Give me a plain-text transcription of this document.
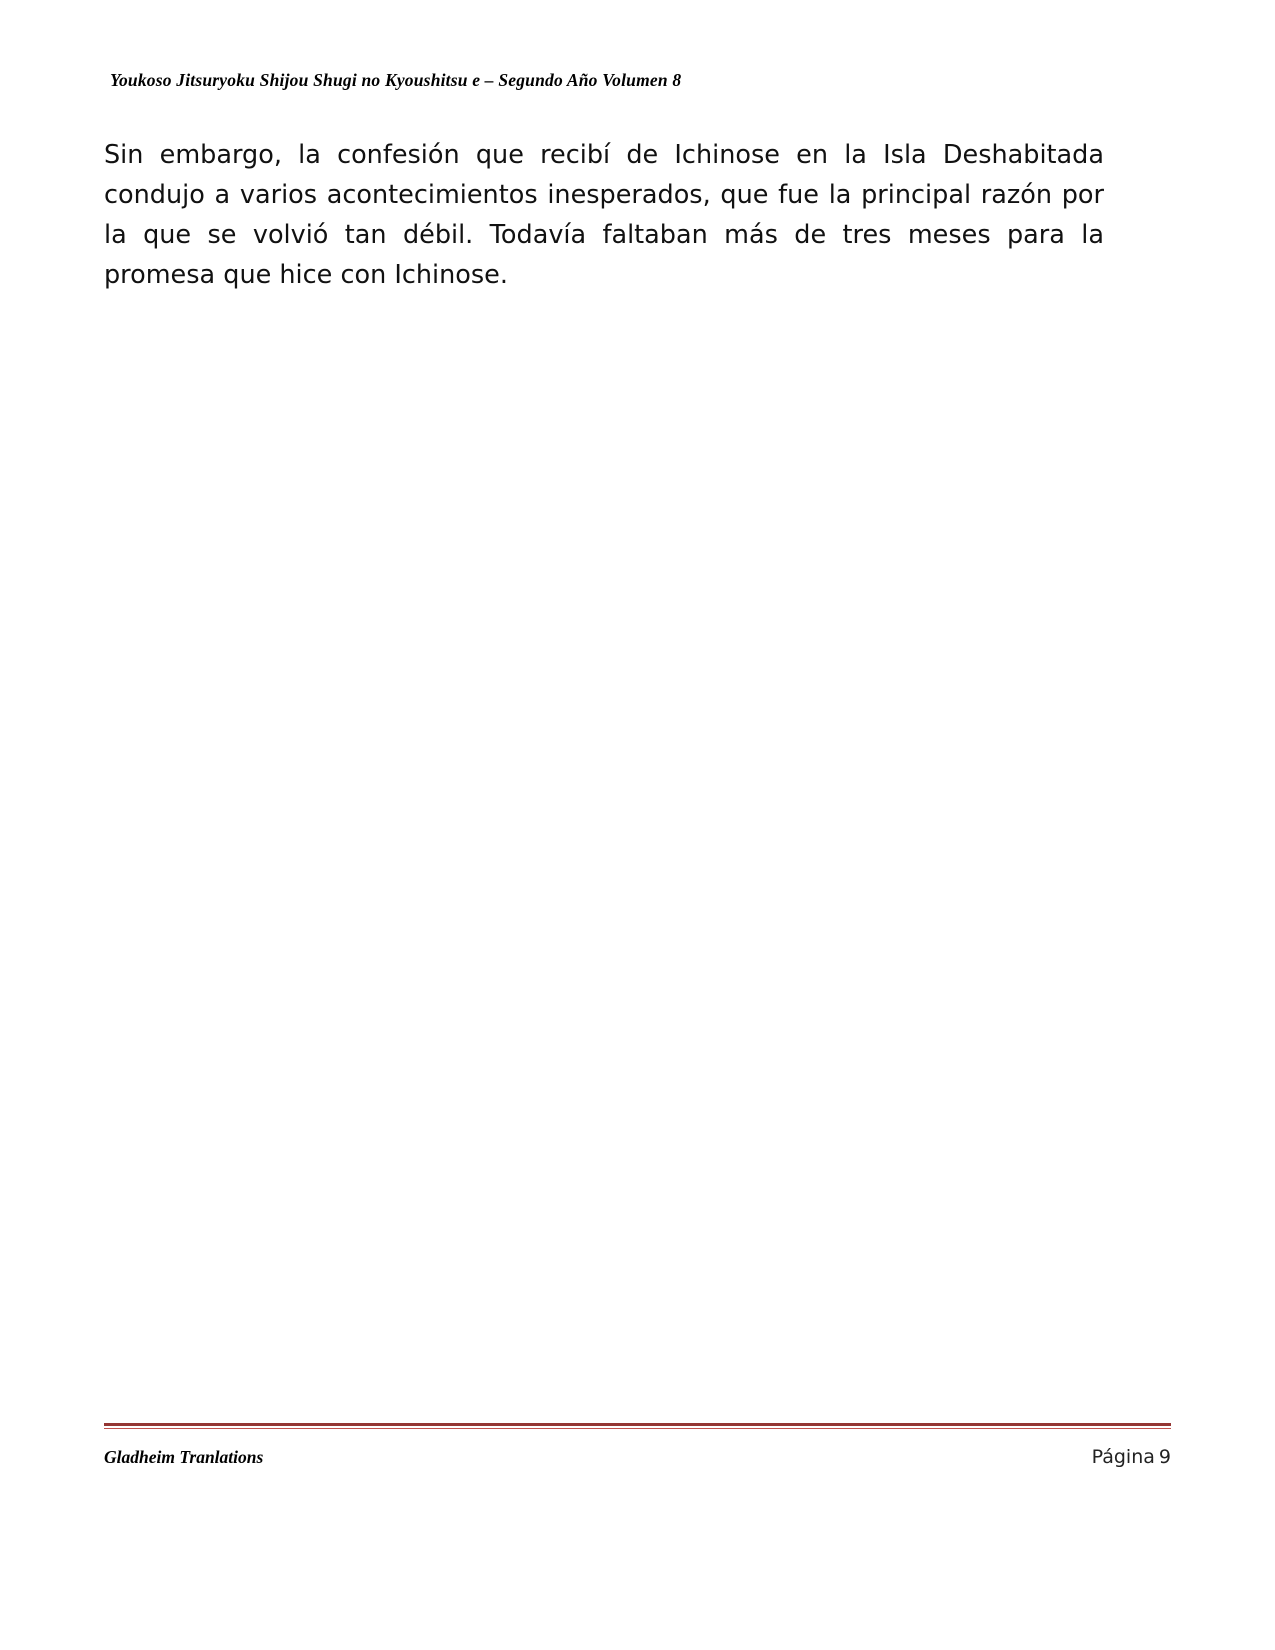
Youkoso Jitsuryoku Shijou Shugi no Kyoushitsu e – Segundo Año Volumen 8

Sin embargo, la confesión que recibí de Ichinose en la Isla Deshabitada condujo a varios acontecimientos inesperados, que fue la principal razón por la que se volvió tan débil. Todavía faltaban más de tres meses para la promesa que hice con Ichinose.

Gladheim Tranlations	Página 9
